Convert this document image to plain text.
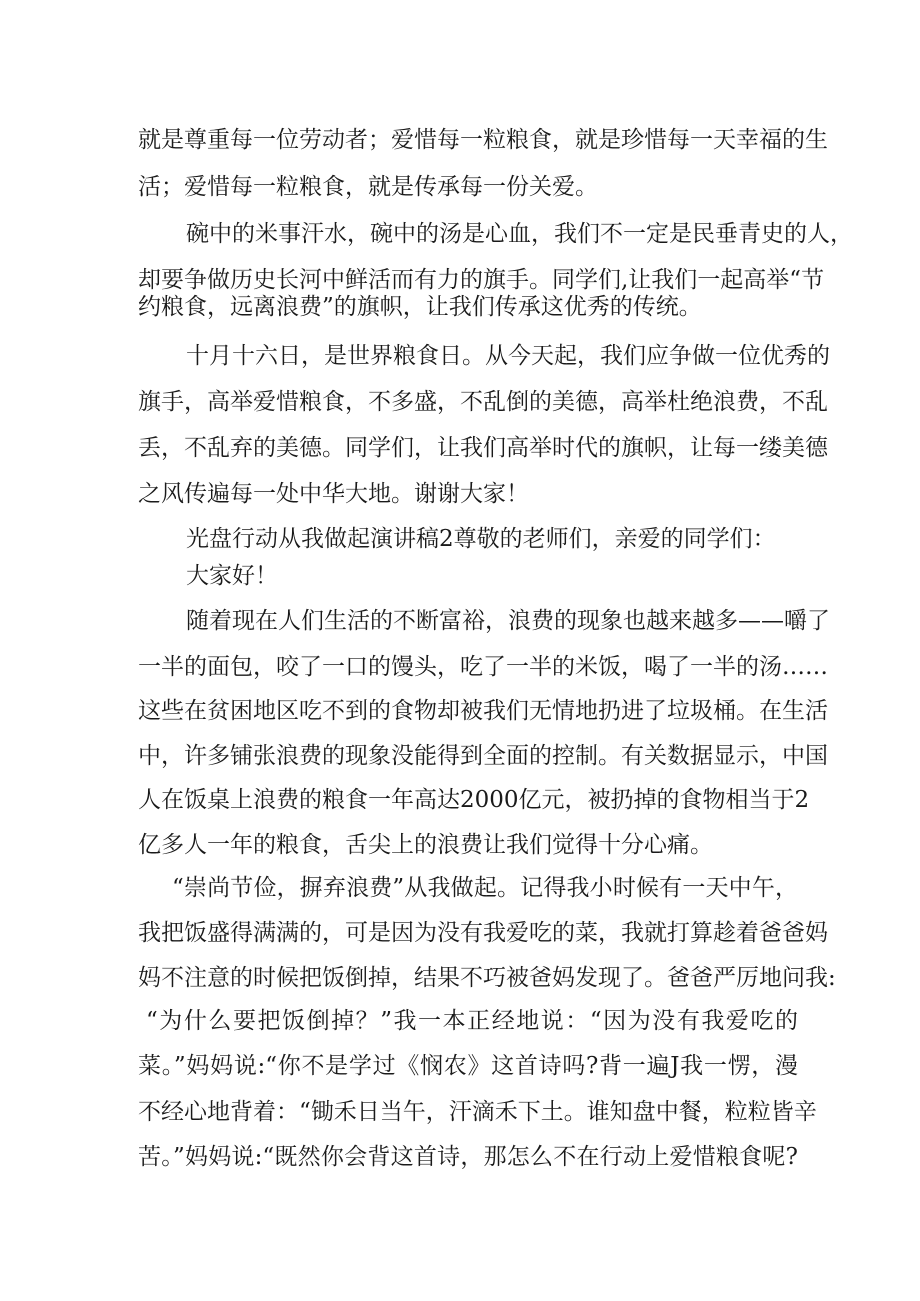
就是尊重每一位劳动者；爱惜每一粒粮食，就是珍惜每一天幸福的生
活；爱惜每一粒粮食，就是传承每一份关爱。
碗中的米事汗水，碗中的汤是心血，我们不一定是民垂青史的人，
却要争做历史长河中鲜活而有力的旗手。同学们,让我们一起高举“节
约粮食，远离浪费”的旗帜，让我们传承这优秀的传统。
十月十六日，是世界粮食日。从今天起，我们应争做一位优秀的
旗手，高举爱惜粮食，不多盛，不乱倒的美德，高举杜绝浪费，不乱
丢，不乱弃的美德。同学们，让我们高举时代的旗帜，让每一缕美德
之风传遍每一处中华大地。谢谢大家！
光盘行动从我做起演讲稿2尊敬的老师们，亲爱的同学们：
大家好！
随着现在人们生活的不断富裕，浪费的现象也越来越多——嚼了
一半的面包，咬了一口的馒头，吃了一半的米饭，喝了一半的汤……
这些在贫困地区吃不到的食物却被我们无情地扔进了垃圾桶。在生活
中，许多铺张浪费的现象没能得到全面的控制。有关数据显示，中国
人在饭桌上浪费的粮食一年高达2000亿元，被扔掉的食物相当于2
亿多人一年的粮食，舌尖上的浪费让我们觉得十分心痛。
“崇尚节俭，摒弃浪费”从我做起。记得我小时候有一天中午，
我把饭盛得满满的，可是因为没有我爱吃的菜，我就打算趁着爸爸妈
妈不注意的时候把饭倒掉，结果不巧被爸妈发现了。爸爸严厉地问我:
“为什么要把饭倒掉？”我一本正经地说：“因为没有我爱吃的
菜。”妈妈说:“你不是学过《悯农》这首诗吗?背一遍J我一愣，漫
不经心地背着：“锄禾日当午，汗滴禾下土。谁知盘中餐，粒粒皆辛
苦。”妈妈说:“既然你会背这首诗，那怎么不在行动上爱惜粮食呢?
